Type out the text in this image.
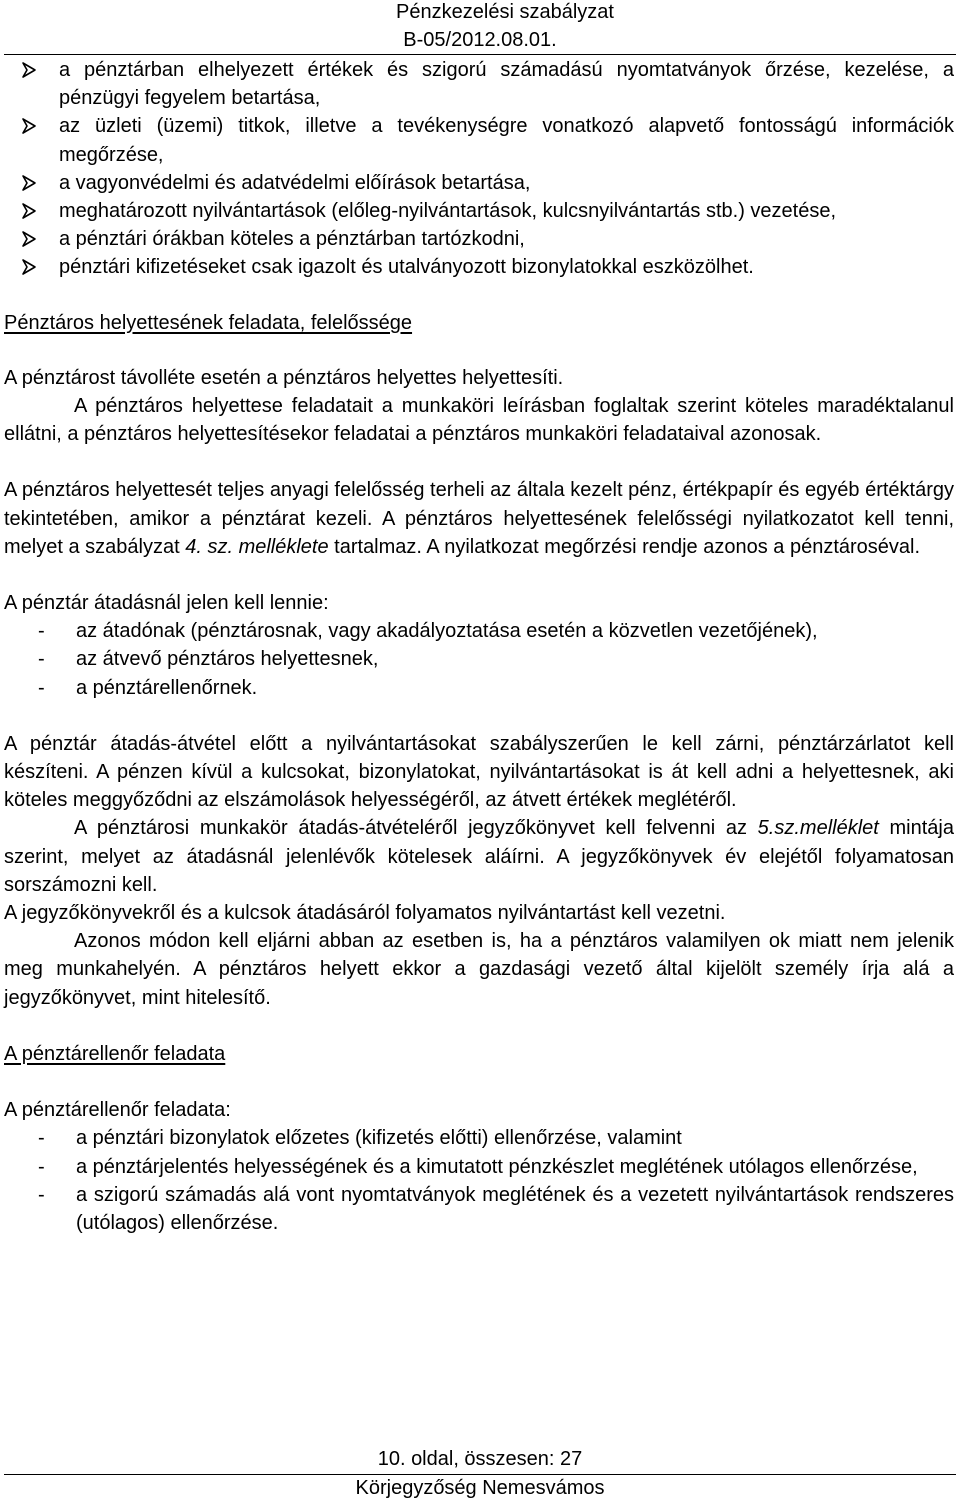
Pénzkezelési szabályzat
B-05/2012.08.01.
a pénztárban elhelyezett értékek és szigorú számadású nyomtatványok őrzése, kezelése, a pénzügyi fegyelem betartása,
az üzleti (üzemi) titkok, illetve a tevékenységre vonatkozó alapvető fontosságú információk megőrzése,
a vagyonvédelmi és adatvédelmi előírások betartása,
meghatározott nyilvántartások (előleg-nyilvántartások, kulcsnyilvántartás stb.) vezetése,
a pénztári órákban köteles a pénztárban tartózkodni,
pénztári kifizetéseket csak igazolt és utalványozott bizonylatokkal eszközölhet.

Pénztáros helyettesének feladata, felelőssége

A pénztárost távolléte esetén a pénztáros helyettes helyettesíti.

A pénztáros helyettese feladatait a munkaköri leírásban foglaltak szerint köteles maradéktalanul ellátni, a pénztáros helyettesítésekor feladatai a pénztáros munkaköri feladataival azonosak.

A pénztáros helyettesét teljes anyagi felelősség terheli az általa kezelt pénz, értékpapír és egyéb értéktárgy tekintetében, amikor a pénztárat kezeli. A pénztáros helyettesének felelősségi nyilatkozatot kell tenni, melyet a szabályzat 4. sz. melléklete tartalmaz. A nyilatkozat megőrzési rendje azonos a pénztároséval.

A pénztár átadásnál jelen kell lennie:

- az átadónak (pénztárosnak, vagy akadályoztatása esetén a közvetlen vezetőjének),
- az átvevő pénztáros helyettesnek,
- a pénztárellenőrnek.

A pénztár átadás-átvétel előtt a nyilvántartásokat szabályszerűen le kell zárni, pénztárzárlatot kell készíteni. A pénzen kívül a kulcsokat, bizonylatokat, nyilvántartásokat is át kell adni a helyettesnek, aki köteles meggyőződni az elszámolások helyességéről, az átvett értékek meglétéről.

A pénztárosi munkakör átadás-átvételéről jegyzőkönyvet kell felvenni az 5.sz.melléklet mintája szerint, melyet az átadásnál jelenlévők kötelesek aláírni. A jegyzőkönyvek év elejétől folyamatosan sorszámozni kell.

A jegyzőkönyvekről és a kulcsok átadásáról folyamatos nyilvántartást kell vezetni.

Azonos módon kell eljárni abban az esetben is, ha a pénztáros valamilyen ok miatt nem jelenik meg munkahelyén. A pénztáros helyett ekkor a gazdasági vezető által kijelölt személy írja alá a jegyzőkönyvet, mint hitelesítő.

A pénztárellenőr feladata

A pénztárellenőr feladata:

- a pénztári bizonylatok előzetes (kifizetés előtti) ellenőrzése, valamint
- a pénztárjelentés helyességének és a kimutatott pénzkészlet meglétének utólagos ellenőrzése,
- a szigorú számadás alá vont nyomtatványok meglétének és a vezetett nyilvántartások rendszeres (utólagos) ellenőrzése.
10. oldal, összesen: 27
Körjegyzőség Nemesvámos
